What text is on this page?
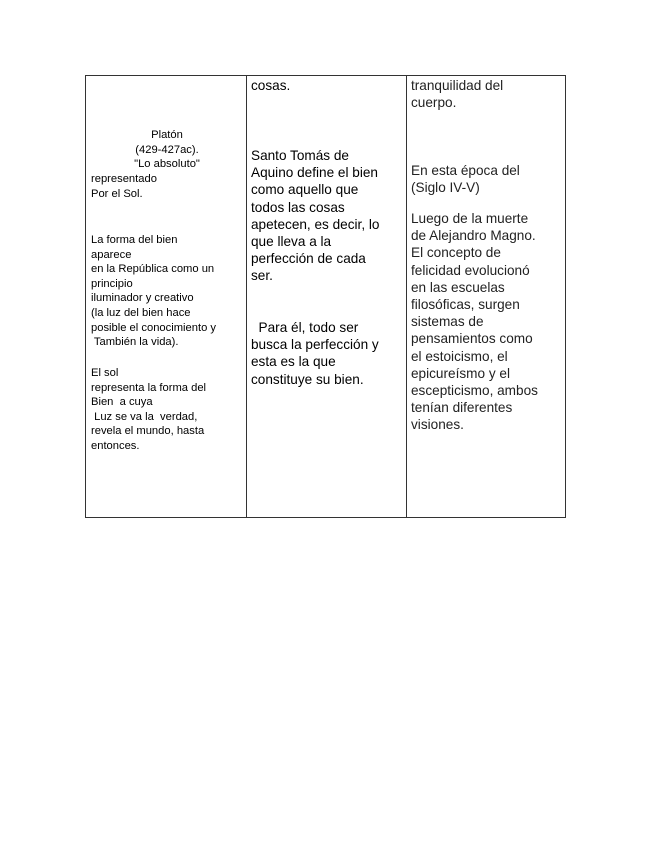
Platón
(429-427ac).
"Lo absoluto"
representado
Por el Sol.
La forma del bien
aparece
en la República como un
principio
iluminador y creativo
(la luz del bien hace
posible el conocimiento y
También la vida).
El sol
representa la forma del
Bien  a cuya
Luz se va la  verdad,
revela el mundo, hasta
entonces.
cosas.
Santo Tomás de
Aquino define el bien
como aquello que
todos las cosas
apetecen, es decir, lo
que lleva a la
perfección de cada
ser.
Para él, todo ser
busca la perfección y
esta es la que
constituye su bien.
tranquilidad del
cuerpo.
En esta época del
(Siglo IV-V)
Luego de la muerte
de Alejandro Magno.
El concepto de
felicidad evolucionó
en las escuelas
filosóficas, surgen
sistemas de
pensamientos como
el estoicismo, el
epicureísmo y el
escepticismo, ambos
tenían diferentes
visiones.
